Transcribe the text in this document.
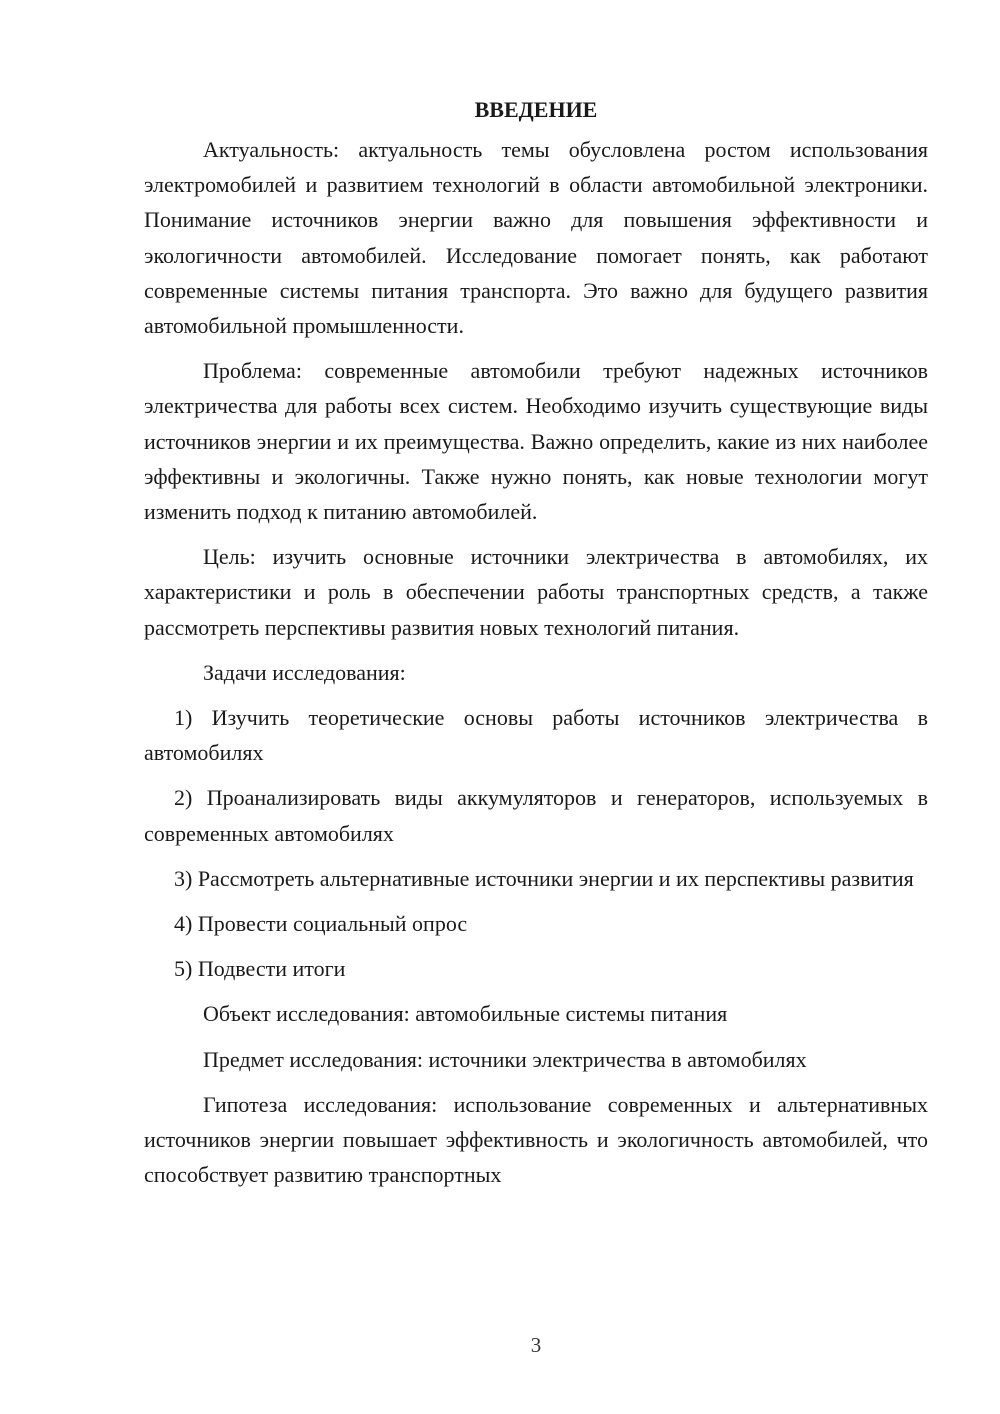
ВВЕДЕНИЕ

Актуальность: актуальность темы обусловлена ростом использования электромобилей и развитием технологий в области автомобильной электроники. Понимание источников энергии важно для повышения эффективности и экологичности автомобилей. Исследование помогает понять, как работают современные системы питания транспорта. Это важно для будущего развития автомобильной промышленности.

Проблема: современные автомобили требуют надежных источников электричества для работы всех систем. Необходимо изучить существующие виды источников энергии и их преимущества. Важно определить, какие из них наиболее эффективны и экологичны. Также нужно понять, как новые технологии могут изменить подход к питанию автомобилей.

Цель: изучить основные источники электричества в автомобилях, их характеристики и роль в обеспечении работы транспортных средств, а также рассмотреть перспективы развития новых технологий питания.

Задачи исследования:

1) Изучить теоретические основы работы источников электричества в автомобилях

2) Проанализировать виды аккумуляторов и генераторов, используемых в современных автомобилях

3) Рассмотреть альтернативные источники энергии и их перспективы развития

4) Провести социальный опрос

5) Подвести итоги

Объект исследования: автомобильные системы питания

Предмет исследования: источники электричества в автомобилях

Гипотеза исследования: использование современных и альтернативных источников энергии повышает эффективность и экологичность автомобилей, что способствует развитию транспортных

3
